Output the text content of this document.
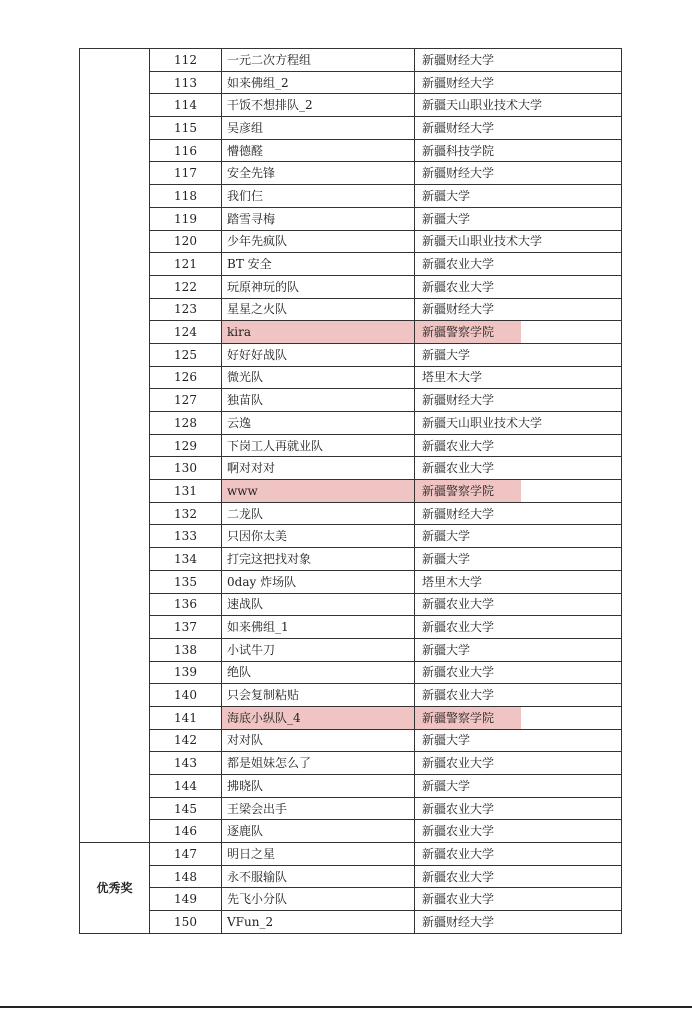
	112	一元二次方程组	新疆财经大学
	113	如来佛组_2	新疆财经大学
	114	干饭不想排队_2	新疆天山职业技术大学
	115	吴彦组	新疆财经大学
	116	懵德醛	新疆科技学院
	117	安全先锋	新疆财经大学
	118	我们仨	新疆大学
	119	踏雪寻梅	新疆大学
	120	少年先疯队	新疆天山职业技术大学
	121	BT 安全	新疆农业大学
	122	玩原神玩的队	新疆农业大学
	123	星星之火队	新疆财经大学
	124	kira	新疆警察学院
	125	好好好战队	新疆大学
	126	微光队	塔里木大学
	127	独苗队	新疆财经大学
	128	云逸	新疆天山职业技术大学
	129	下岗工人再就业队	新疆农业大学
	130	啊对对对	新疆农业大学
	131	www	新疆警察学院
	132	二龙队	新疆财经大学
	133	只因你太美	新疆大学
	134	打完这把找对象	新疆大学
	135	0day 炸场队	塔里木大学
	136	速战队	新疆农业大学
	137	如来佛组_1	新疆农业大学
	138	小试牛刀	新疆大学
	139	绝队	新疆农业大学
	140	只会复制粘贴	新疆农业大学
	141	海底小纵队_4	新疆警察学院
	142	对对队	新疆大学
	143	都是姐妹怎么了	新疆农业大学
	144	拂晓队	新疆大学
	145	王梁会出手	新疆农业大学
	146	逐鹿队	新疆农业大学
优秀奖	147	明日之星	新疆农业大学
	148	永不服输队	新疆农业大学
	149	先飞小分队	新疆农业大学
	150	VFun_2	新疆财经大学
